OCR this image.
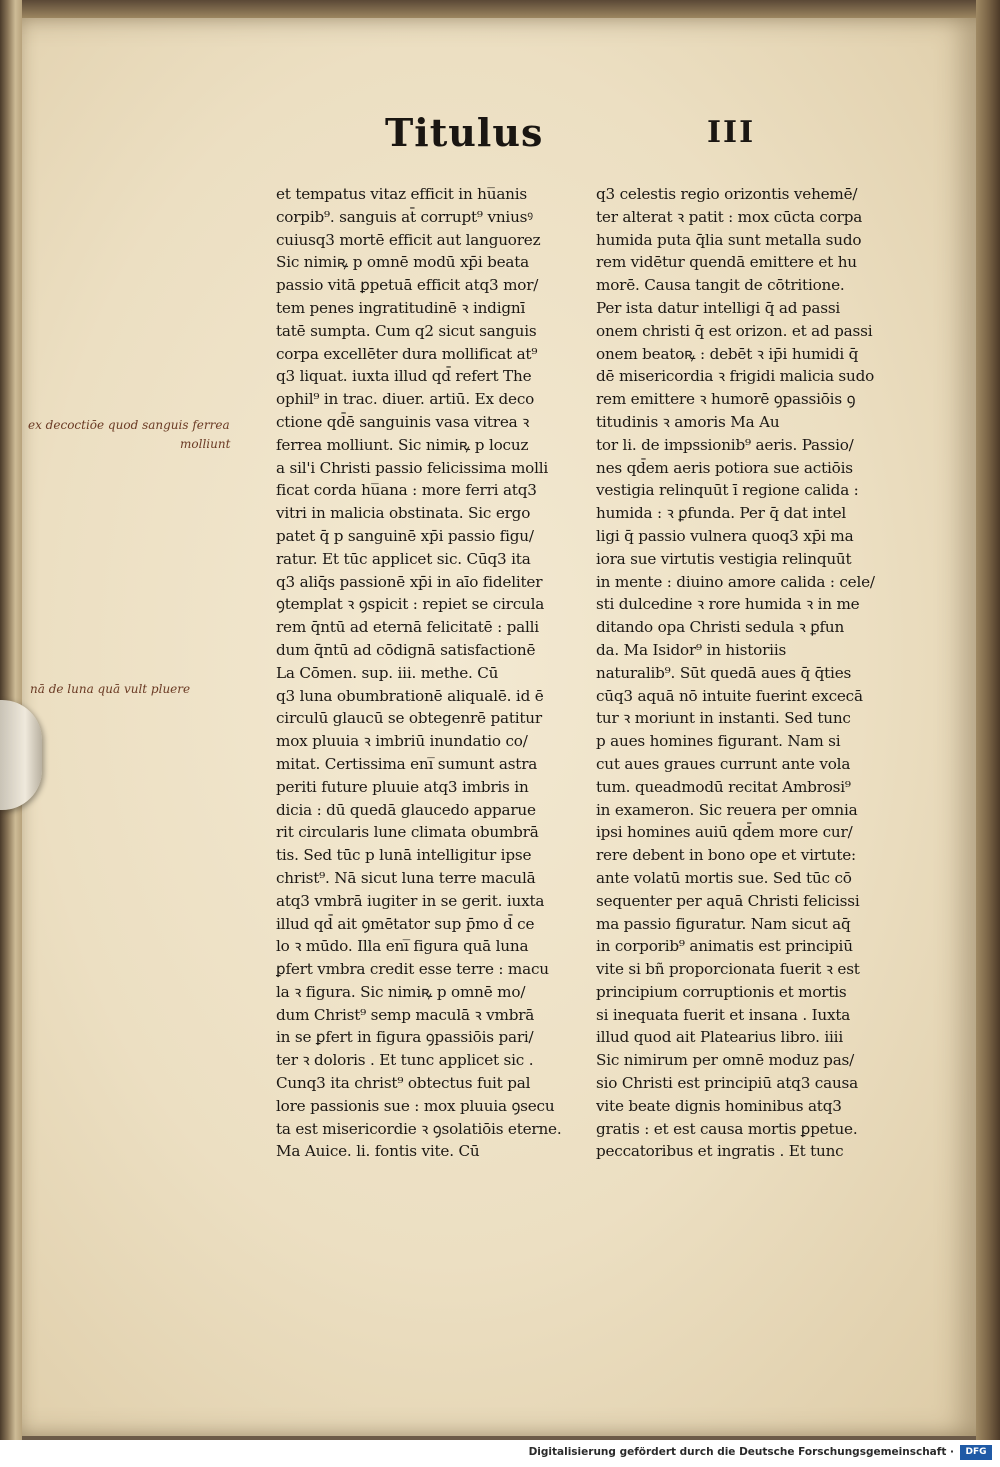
Titulus	III
et tempatus vitaz efficit in hu̅anis
corpib⁹. sanguis at̄ corrupt⁹ vniusꝰ
cuiusq3 mortē efficit aut languorez
Sic nimiꝶ p omnē modū xp̄i beata
passio vitā ꝑpetuā efficit atq3 mor/
tem penes ingratitudinē ꝛ indignī
tatē sumpta. Cum q2 sicut sanguis
corpa excellēter dura mollificat at⁹
q3 liquat. iuxta illud qd̄ refert The
ophil⁹ in trac. diuer. artiū. Ex deco
ctione qd̄ē sanguinis vasa vitrea ꝛ
ferrea molliunt. Sic nimiꝶ p locuz
a sil'i Christi passio felicissima molli
ficat corda hu̅ana : more ferri atq3
vitri in malicia obstinata. Sic ergo
patet q̄ p sanguinē xp̄i passio figu/
ratur. Et tūc applicet sic. Cūq3 ita
q3 aliq̄s passionē xp̄i in aīo fideliter
ꝯtemplat ꝛ ꝯspicit : repiet se circula
rem q̄ntū ad eternā felicitatē : palli
dum q̄ntū ad cōdignā satisfactionē
La Cōmen. sup. iii. methe. Cū
q3 luna obumbrationē aliqualē. id ē
circulū glaucū se obtegenrē patitur
mox pluuia ꝛ imbriū inundatio co/
mitat. Certissima eni̅ sumunt astra
periti future pluuie atq3 imbris in
dicia : dū quedā glaucedo apparue
rit circularis lune climata obumbrā
tis. Sed tūc p lunā intelligitur ipse
christ⁹. Nā sicut luna terre maculā
atq3 vmbrā iugiter in se gerit. iuxta
illud qd̄ ait ꝯmētator sup p̄mo d̄ ce
lo ꝛ mūdo. Illa eni̅ figura quā luna
ꝑfert vmbra credit esse terre : macu
la ꝛ figura. Sic nimiꝶ p omnē mo/
dum Christ⁹ semp maculā ꝛ vmbrā
in se ꝑfert in figura ꝯpassiōis pari/
ter ꝛ doloris . Et tunc applicet sic .
Cunq3 ita christ⁹ obtectus fuit pal
lore passionis sue : mox pluuia ꝯsecu
ta est misericordie ꝛ ꝯsolatiōis eterne.
Ma Auice. li. fontis vite. Cū
q3 celestis regio orizontis vehemē/
ter alterat ꝛ patit : mox cūcta corpa
humida puta q̄lia sunt metalla sudo
rem vidētur quendā emittere et hu
morē. Causa tangit de cōtritione.
Per ista datur intelligi q̄ ad passi
onem christi q̄ est orizon. et ad passi
onem beatoꝶ : debēt ꝛ ip̄i humidi q̄
dē misericordia ꝛ frigidi malicia sudo
rem emittere ꝛ humorē ꝯpassiōis ꝯ
titudinis ꝛ amoris Ma Au
tor li. de impssionib⁹ aeris. Passio/
nes qd̄em aeris potiora sue actiōis
vestigia relinquūt ī regione calida :
humida : ꝛ ꝑfunda. Per q̄ dat intel
ligi q̄ passio vulnera quoq3 xp̄i ma
iora sue virtutis vestigia relinquūt
in mente : diuino amore calida : cele/
sti dulcedine ꝛ rore humida ꝛ in me
ditando opa Christi sedula ꝛ ꝑfun
da. Ma Isidor⁹ in historiis
naturalib⁹. Sūt quedā aues q̄ q̄ties
cūq3 aquā nō intuite fuerint excecā
tur ꝛ moriunt in instanti. Sed tunc
p aues homines figurant. Nam si
cut aues graues currunt ante vola
tum. queadmodū recitat Ambrosi⁹
in exameron. Sic reuera per omnia
ipsi homines auiū qd̄em more cur/
rere debent in bono ope et virtute:
ante volatū mortis sue. Sed tūc cō
sequenter per aquā Christi felicissi
ma passio figuratur. Nam sicut aq̄
in corporib⁹ animatis est principiū
vite si bñ proporcionata fuerit ꝛ est
principium corruptionis et mortis
si inequata fuerit et insana . Iuxta
illud quod ait Platearius libro. iiii
Sic nimirum per omnē moduz pas/
sio Christi est principiū atq3 causa
vite beate dignis hominibus atq3
gratis : et est causa mortis ꝑpetue.
peccatoribus et ingratis . Et tunc
ex decoctiōe quod sanguis ferrea
molliunt
nā de luna quā vult pluere
Digitalisierung gefördert durch die Deutsche Forschungsgemeinschaft ·	DFG
